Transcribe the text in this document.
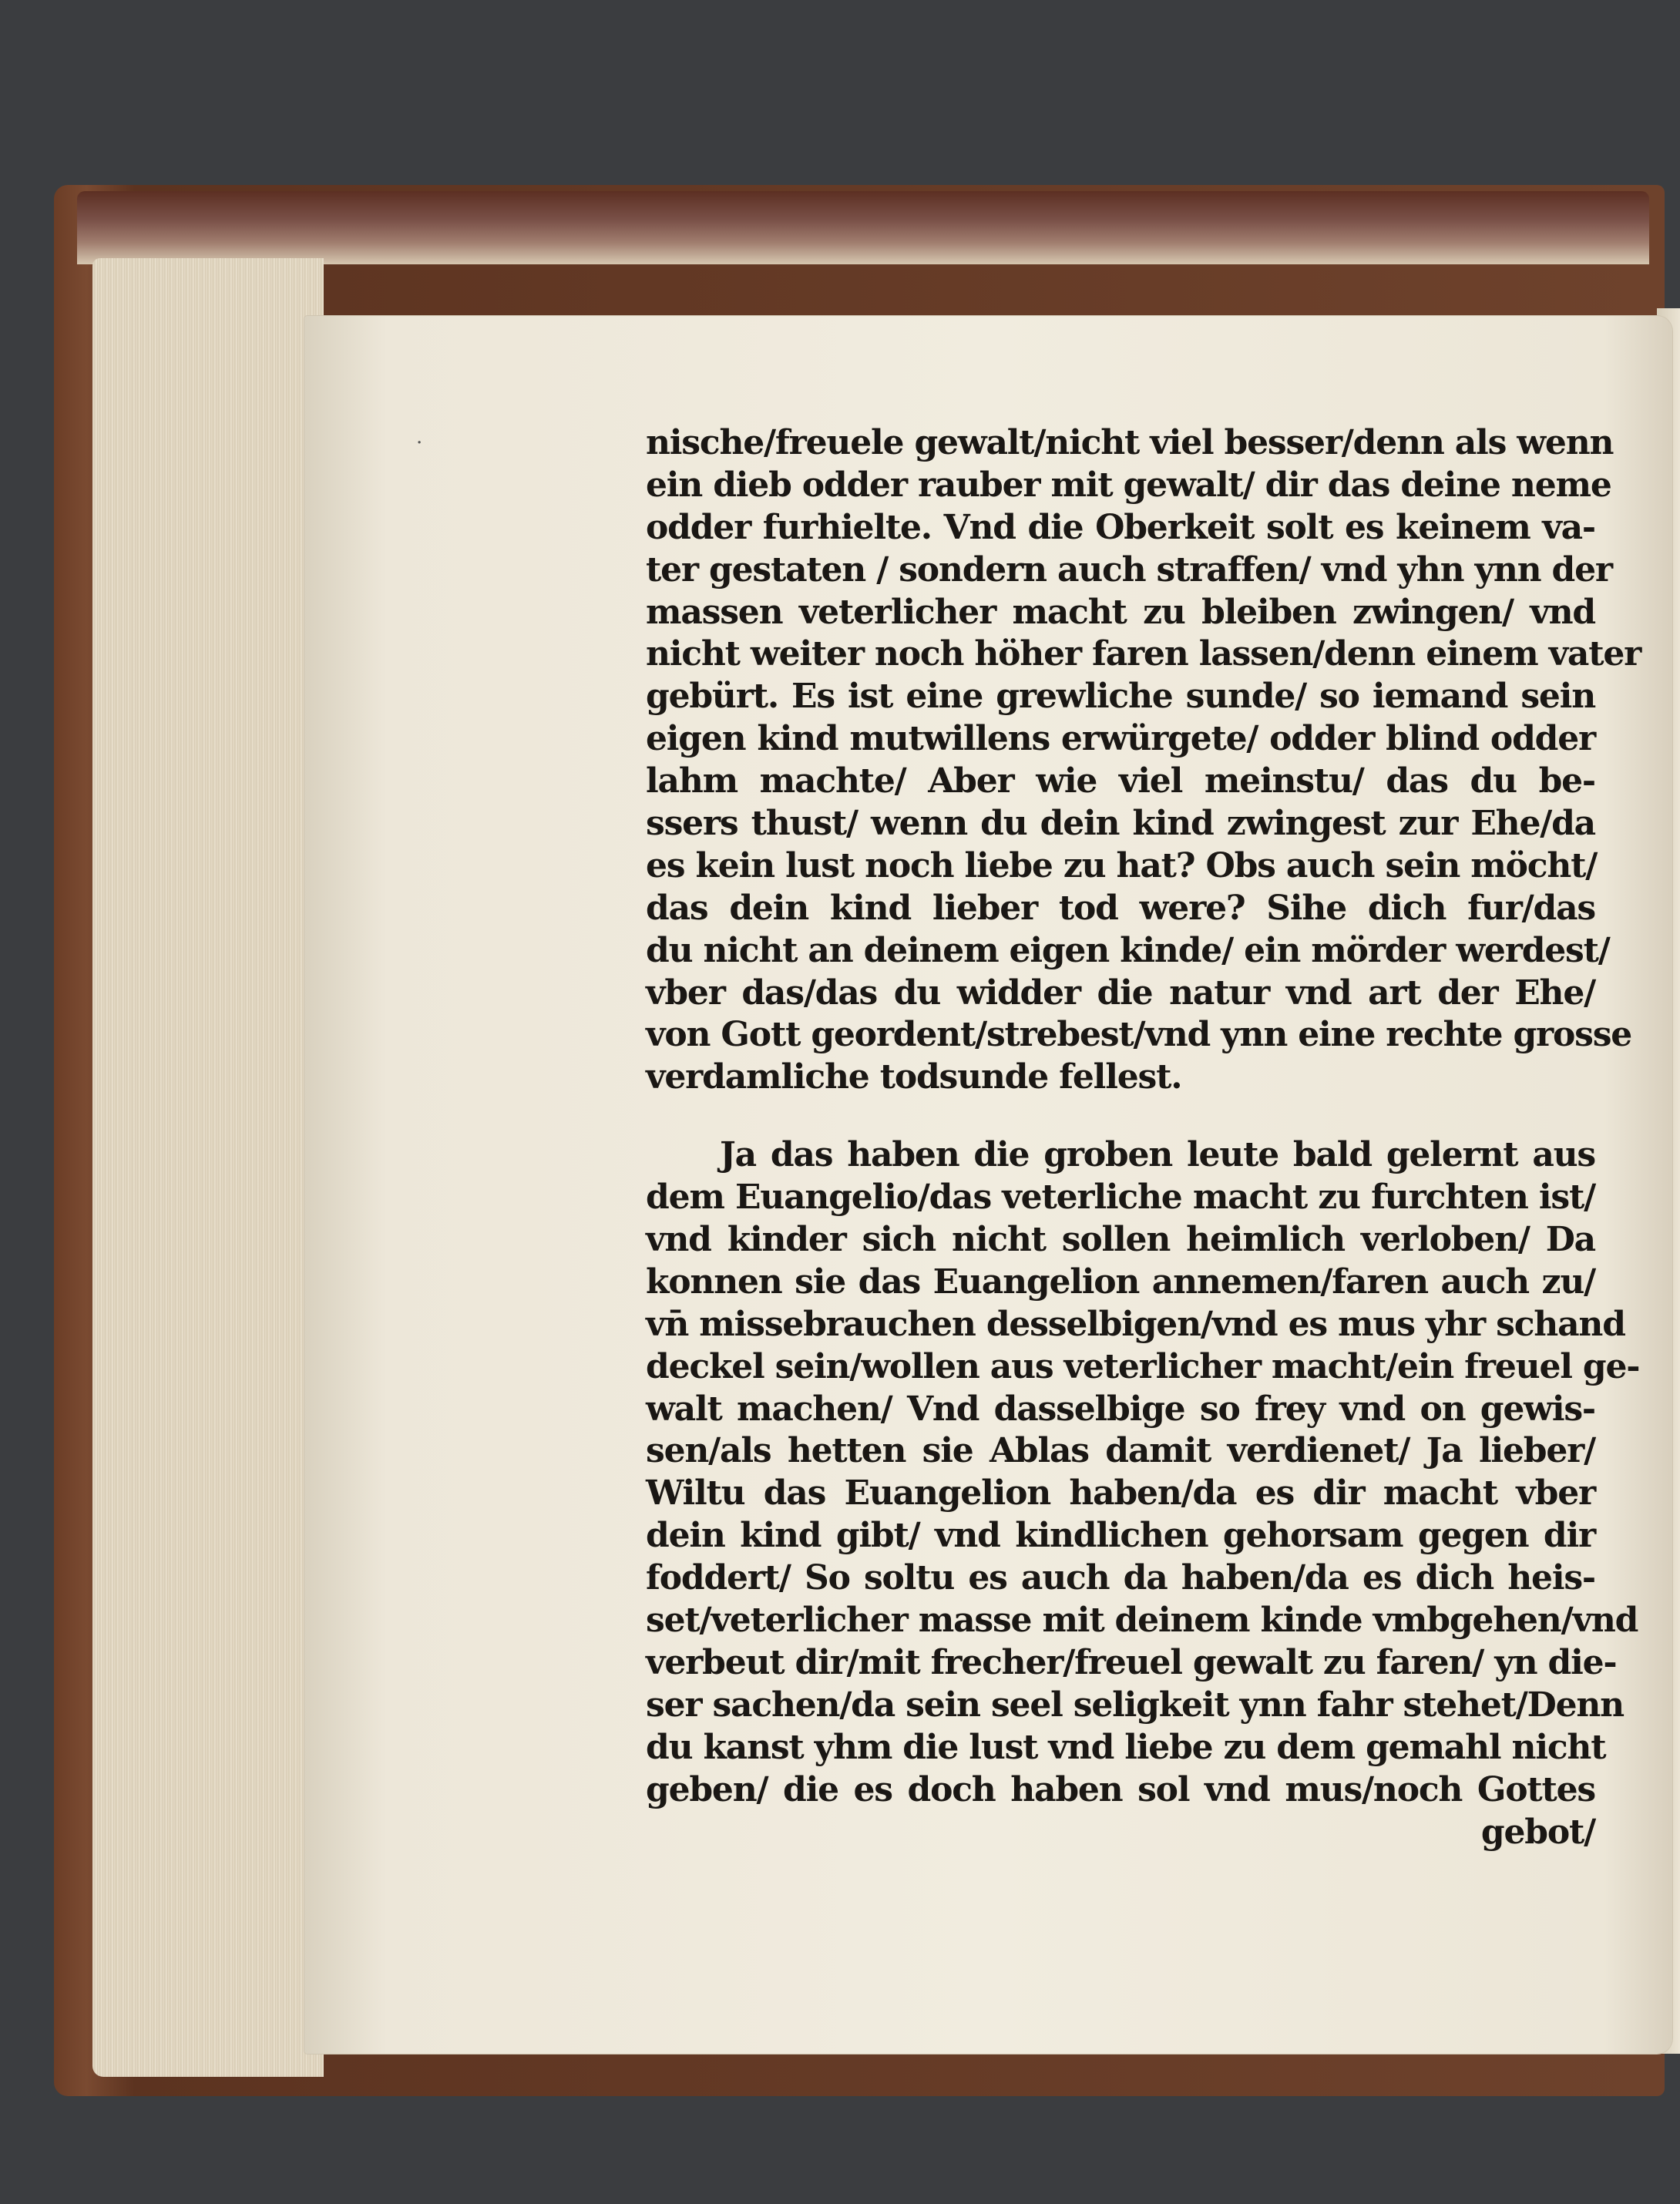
·	nische/freuele gewalt/nicht viel besser/denn als wenn
ein dieb odder rauber mit gewalt/ dir das deine neme
odder furhielte. Vnd die Oberkeit solt es keinem va-
ter gestaten / sondern auch straffen/ vnd yhn ynn der
massen veterlicher macht zu bleiben zwingen/ vnd
nicht weiter noch höher faren lassen/denn einem vater
gebürt. Es ist eine grewliche sunde/ so iemand sein
eigen kind mutwillens erwürgete/ odder blind odder
lahm machte/ Aber wie viel meinstu/ das du be-
ssers thust/ wenn du dein kind zwingest zur Ehe/da
es kein lust noch liebe zu hat? Obs auch sein möcht/
das dein kind lieber tod were? Sihe dich fur/das
du nicht an deinem eigen kinde/ ein mörder werdest/
vber das/das du widder die natur vnd art der Ehe/
von Gott geordent/strebest/vnd ynn eine rechte grosse
verdamliche todsunde fellest.
Ja das haben die groben leute bald gelernt aus
dem Euangelio/das veterliche macht zu furchten ist/
vnd kinder sich nicht sollen heimlich verloben/ Da
konnen sie das Euangelion annemen/faren auch zu/
vn̄ missebrauchen desselbigen/vnd es mus yhr schand
deckel sein/wollen aus veterlicher macht/ein freuel ge-
walt machen/ Vnd dasselbige so frey vnd on gewis-
sen/als hetten sie Ablas damit verdienet/ Ja lieber/
Wiltu das Euangelion haben/da es dir macht vber
dein kind gibt/ vnd kindlichen gehorsam gegen dir
foddert/ So soltu es auch da haben/da es dich heis-
set/veterlicher masse mit deinem kinde vmbgehen/vnd
verbeut dir/mit frecher/freuel gewalt zu faren/ yn die-
ser sachen/da sein seel seligkeit ynn fahr stehet/Denn
du kanst yhm die lust vnd liebe zu dem gemahl nicht
geben/ die es doch haben sol vnd mus/noch Gottes
gebot/
